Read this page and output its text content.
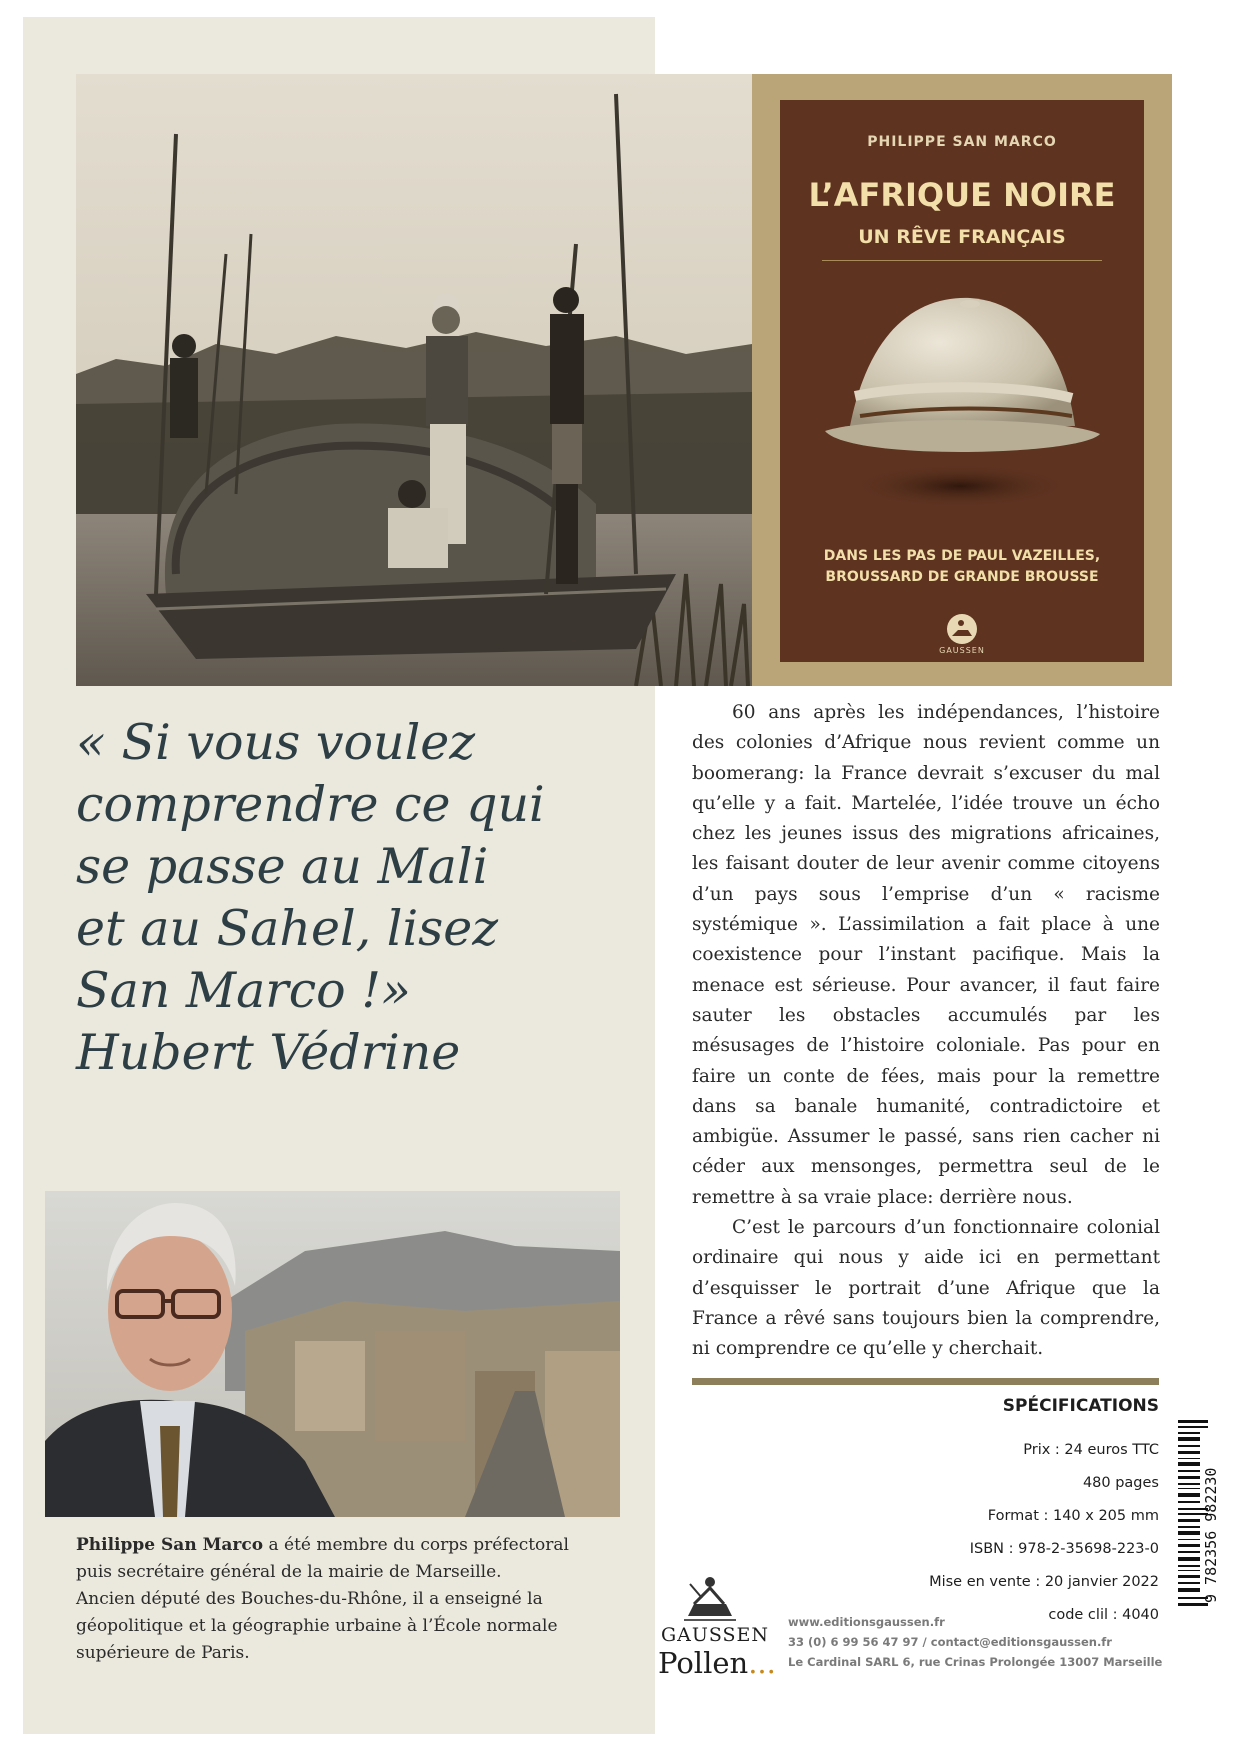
PHILIPPE SAN MARCO
L’AFRIQUE NOIRE
UN RÊVE FRANÇAIS
DANS LES PAS DE PAUL VAZEILLES,
BROUSSARD DE GRANDE BROUSSE
GAUSSEN
« Si vous voulez
comprendre ce qui
se passe au Mali
et au Sahel, lisez
San Marco !»
Hubert Védrine
Philippe San Marco a été membre du corps préfectoral
puis secrétaire général de la mairie de Marseille.
Ancien député des Bouches-du-Rhône, il a enseigné la
géopolitique et la géographie urbaine à l’École normale
supérieure de Paris.

60 ans après les indépendances, l’histoire des colonies d’Afrique nous revient comme un boomerang: la France devrait s’excuser du mal qu’elle y a fait. Martelée, l’idée trouve un écho chez les jeunes issus des migrations africaines, les faisant douter de leur avenir comme citoyens d’un pays sous l’emprise d’un « racisme systémique ». L’assimilation a fait place à une coexistence pour l’instant pacifique. Mais la menace est sérieuse. Pour avancer, il faut faire sauter les obstacles accumulés par les mésusages de l’histoire coloniale. Pas pour en faire un conte de fées, mais pour la remettre dans sa banale humanité, contradictoire et ambigüe. Assumer le passé, sans rien cacher ni céder aux mensonges, permettra seul de le remettre à sa vraie place: derrière nous.

C’est le parcours d’un fonctionnaire colonial ordinaire qui nous y aide ici en permettant d’esquisser le portrait d’une Afrique que la France a rêvé sans toujours bien la comprendre, ni comprendre ce qu’elle y cherchait.

SPÉCIFICATIONS
Prix : 24 euros TTC
480 pages
Format : 140 x 205 mm
ISBN : 978-2-35698-223-0
Mise en vente : 20 janvier 2022
code clil : 4040
9 782356 982230
GAUSSEN
Pollen...
www.editionsgaussen.fr
33 (0) 6 99 56 47 97 / contact@editionsgaussen.fr
Le Cardinal SARL 6, rue Crinas Prolongée 13007 Marseille
